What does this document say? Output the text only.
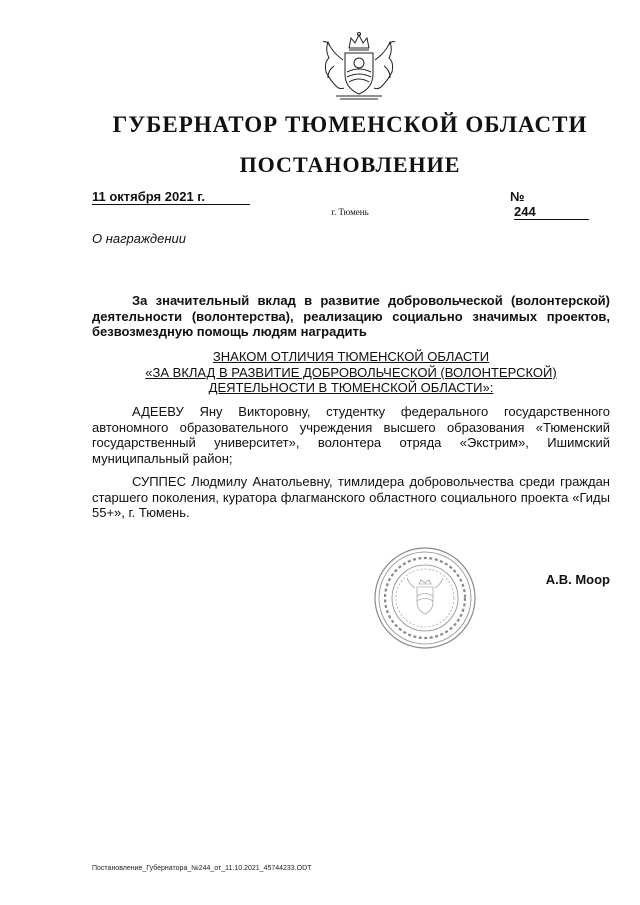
ГУБЕРНАТОР ТЮМЕНСКОЙ ОБЛАСТИ
ПОСТАНОВЛЕНИЕ
11 октября 2021 г.	№ 244
г. Тюмень
О награждении
За значительный вклад в развитие добровольческой (волонтерской) деятельности (волонтерства), реализацию социально значимых проектов, безвозмездную помощь людям наградить
ЗНАКОМ ОТЛИЧИЯ ТЮМЕНСКОЙ ОБЛАСТИ
«ЗА ВКЛАД В РАЗВИТИЕ ДОБРОВОЛЬЧЕСКОЙ (ВОЛОНТЕРСКОЙ)
ДЕЯТЕЛЬНОСТИ В ТЮМЕНСКОЙ ОБЛАСТИ»:
АДЕЕВУ Яну Викторовну, студентку федерального государственного автономного образовательного учреждения высшего образования «Тюменский государственный университет», волонтера отряда «Экстрим», Ишимский муниципальный район;
СУППЕС Людмилу Анатольевну, тимлидера добровольчества среди граждан старшего поколения, куратора флагманского областного социального проекта «Гиды 55+», г. Тюмень.
А.В. Моор
Постановление_Губернатора_№244_от_11.10.2021_45744233.ODT
